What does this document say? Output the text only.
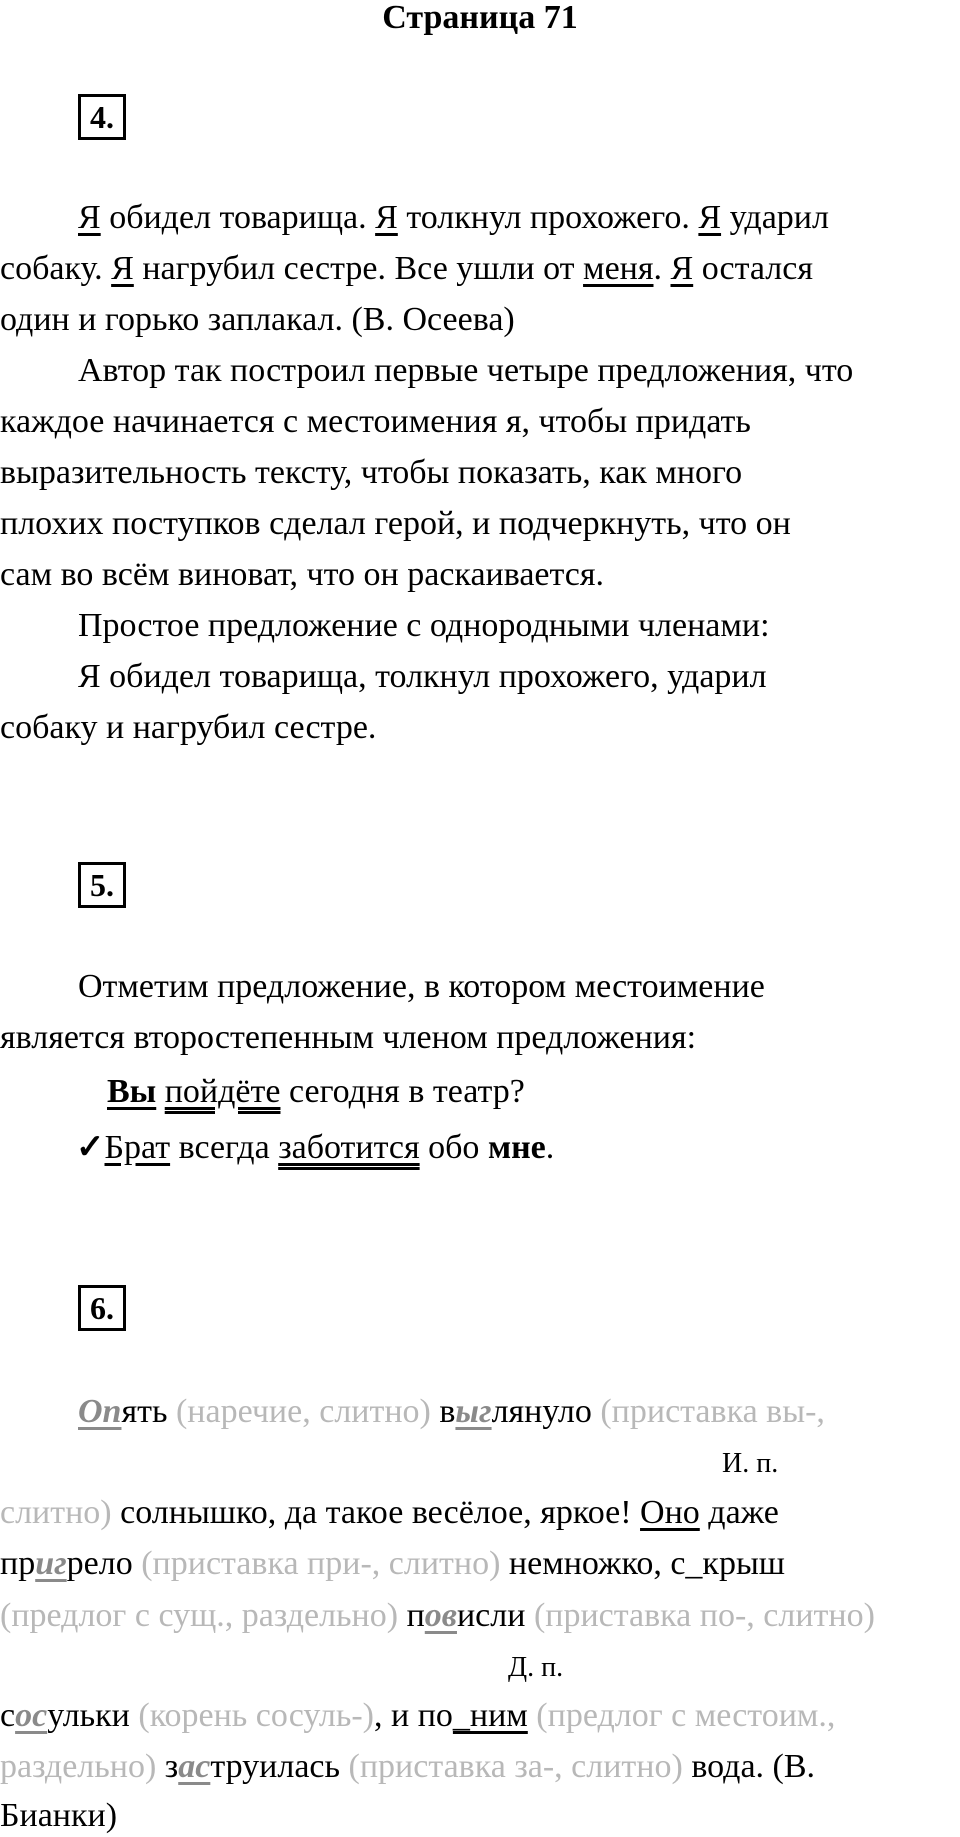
Страница 71
4.
Я обидел товарища. Я толкнул прохожего. Я ударил
собаку. Я нагрубил сестре. Все ушли от меня. Я остался
один и горько заплакал. (В. Осеева)
Автор так построил первые четыре предложения, что
каждое начинается с местоимения я, чтобы придать
выразительность тексту, чтобы показать, как много
плохих поступков сделал герой, и подчеркнуть, что он
сам во всём виноват, что он раскаивается.
Простое предложение с однородными членами:
Я обидел товарища, толкнул прохожего, ударил
собаку и нагрубил сестре.
5.
Отметим предложение, в котором местоимение
является второстепенным членом предложения:
Вы пойдёте сегодня в театр?
✓Брат всегда заботится обо мне.
6.
Опять (наречие, слитно) выглянуло (приставка вы-,
И. п.
слитно) солнышко, да такое весёлое, яркое! Оно даже
пригрело (приставка при-, слитно) немножко, с_крыш
(предлог с сущ., раздельно) повисли (приставка по-, слитно)
Д. п.
сосульки (корень сосуль-), и по_ним (предлог с местоим.,
раздельно) заструилась (приставка за-, слитно) вода. (В.
Бианки)
